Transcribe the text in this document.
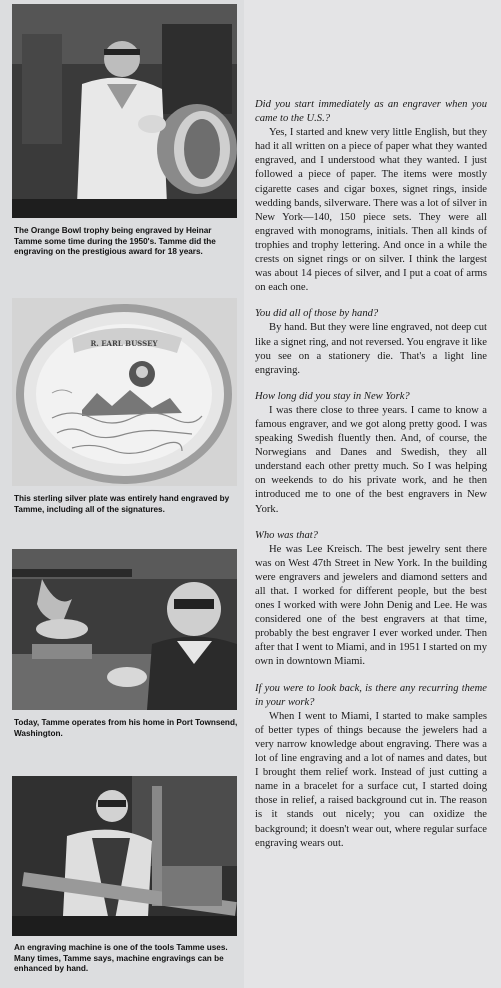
The Orange Bowl trophy being engraved by Heinar Tamme some time during the 1950's. Tamme did the engraving on the prestigious award for 18 years.
R. EARL BUSSEY
This sterling silver plate was entirely hand engraved by Tamme, including all of the signatures.
Today, Tamme operates from his home in Port Townsend, Washington.
An engraving machine is one of the tools Tamme uses. Many times, Tamme says, machine engravings can be enhanced by hand.

Did you start immediately as an engraver when you came to the U.S.?

Yes, I started and knew very little English, but they had it all written on a piece of paper what they wanted engraved, and I understood what they wanted. I just followed a piece of paper. The items were mostly cigarette cases and cigar boxes, signet rings, inside wedding bands, silverware. There was a lot of silver in New York—140, 150 piece sets. They were all engraved with monograms, initials. Then all kinds of trophies and trophy lettering. And once in a while the crests on signet rings or on silver. I think the largest was about 14 pieces of silver, and I put a coat of arms on each one.

You did all of those by hand?

By hand. But they were line engraved, not deep cut like a signet ring, and not reversed. You engrave it like you see on a stationery die. That's a light line engraving.

How long did you stay in New York?

I was there close to three years. I came to know a famous engraver, and we got along pretty good. I was speaking Swedish fluently then. And, of course, the Norwegians and Danes and Swedish, they all understand each other pretty much. So I was helping on weekends to do his private work, and he then introduced me to one of the best engravers in New York.

Who was that?

He was Lee Kreisch. The best jewelry sent there was on West 47th Street in New York. In the building were engravers and jewelers and diamond setters and all that. I worked for different people, but the best ones I worked with were John Denig and Lee. He was considered one of the best engravers at that time, probably the best engraver I ever worked under. Then after that I went to Miami, and in 1951 I started on my own in downtown Miami.

If you were to look back, is there any recurring theme in your work?

When I went to Miami, I started to make samples of better types of things because the jewelers had a very narrow knowledge about engraving. There was a lot of line engraving and a lot of names and dates, but I brought them relief work. Instead of just cutting a name in a bracelet for a surface cut, I started doing those in relief, a raised background cut in. The reason is it stands out nicely; you can oxidize the background; it doesn't wear out, where regular surface engraving wears out.
